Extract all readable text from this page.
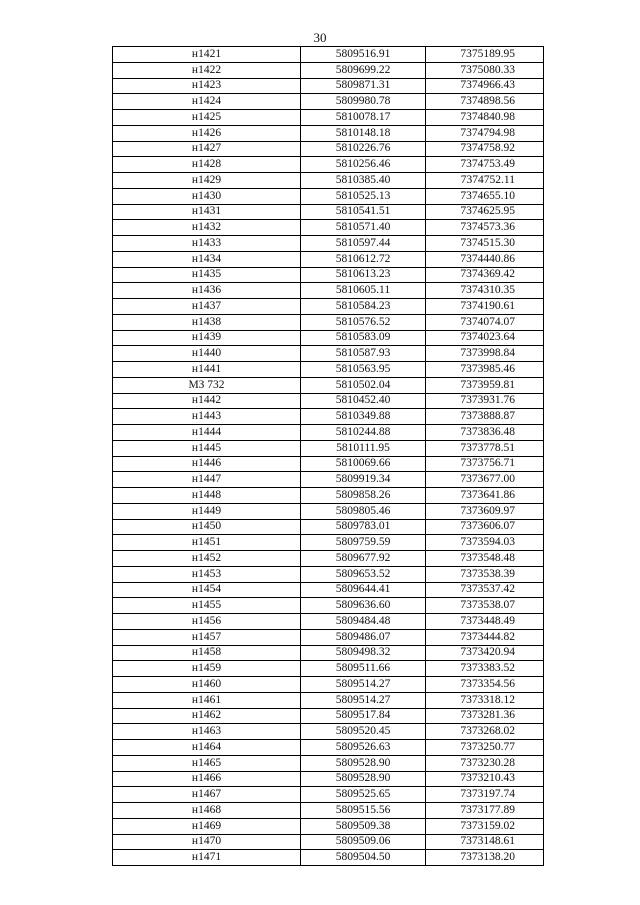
30
н1421	5809516.91	7375189.95
н1422	5809699.22	7375080.33
н1423	5809871.31	7374966.43
н1424	5809980.78	7374898.56
н1425	5810078.17	7374840.98
н1426	5810148.18	7374794.98
н1427	5810226.76	7374758.92
н1428	5810256.46	7374753.49
н1429	5810385.40	7374752.11
н1430	5810525.13	7374655.10
н1431	5810541.51	7374625.95
н1432	5810571.40	7374573.36
н1433	5810597.44	7374515.30
н1434	5810612.72	7374440.86
н1435	5810613.23	7374369.42
н1436	5810605.11	7374310.35
н1437	5810584.23	7374190.61
н1438	5810576.52	7374074.07
н1439	5810583.09	7374023.64
н1440	5810587.93	7373998.84
н1441	5810563.95	7373985.46
МЗ 732	5810502.04	7373959.81
н1442	5810452.40	7373931.76
н1443	5810349.88	7373888.87
н1444	5810244.88	7373836.48
н1445	5810111.95	7373778.51
н1446	5810069.66	7373756.71
н1447	5809919.34	7373677.00
н1448	5809858.26	7373641.86
н1449	5809805.46	7373609.97
н1450	5809783.01	7373606.07
н1451	5809759.59	7373594.03
н1452	5809677.92	7373548.48
н1453	5809653.52	7373538.39
н1454	5809644.41	7373537.42
н1455	5809636.60	7373538.07
н1456	5809484.48	7373448.49
н1457	5809486.07	7373444.82
н1458	5809498.32	7373420.94
н1459	5809511.66	7373383.52
н1460	5809514.27	7373354.56
н1461	5809514.27	7373318.12
н1462	5809517.84	7373281.36
н1463	5809520.45	7373268.02
н1464	5809526.63	7373250.77
н1465	5809528.90	7373230.28
н1466	5809528.90	7373210.43
н1467	5809525.65	7373197.74
н1468	5809515.56	7373177.89
н1469	5809509.38	7373159.02
н1470	5809509.06	7373148.61
н1471	5809504.50	7373138.20
